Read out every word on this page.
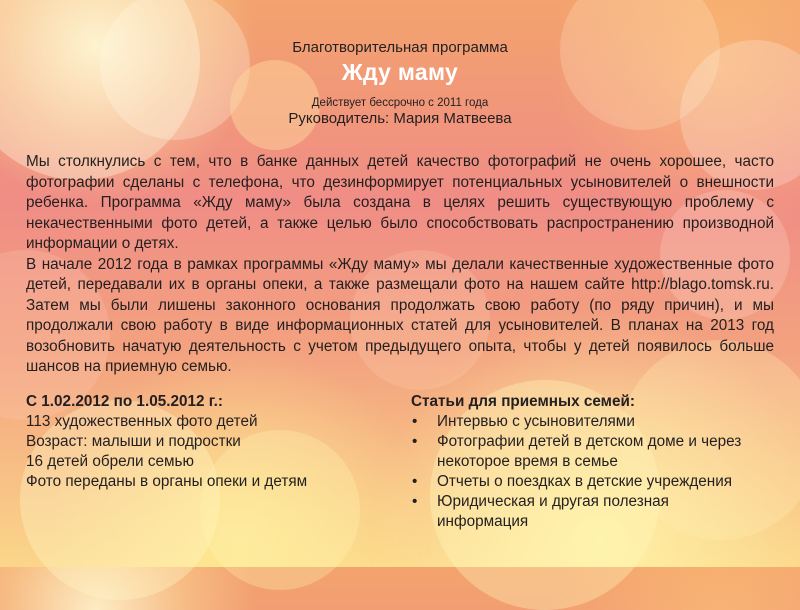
Благотворительная программа
Жду маму
Действует бессрочно с 2011 года
Руководитель: Мария Матвеева

Мы столкнулись с тем, что в банке данных детей качество фотографий не очень хорошее, часто фотографии сделаны с телефона, что дезинформирует потенциальных усыновителей о внешности ребенка. Программа «Жду маму» была создана в целях решить существующую проблему с некачественными фото детей, а также целью было способствовать распространению производной информации о детях.

В начале 2012 года в рамках программы «Жду маму» мы делали качественные художественные фото детей, передавали их в органы опеки, а также размещали фото на нашем сайте http://blago.tomsk.ru. Затем мы были лишены законного основания продолжать свою работу (по ряду причин), и мы продолжали свою работу в виде информационных статей для усыновителей. В планах на 2013 год возобновить начатую деятельность с учетом предыдущего опыта, чтобы у детей появилось больше шансов на приемную семью.

С 1.02.2012 по 1.05.2012 г.:
113 художественных фото детей
Возраст: малыши и подростки
16 детей обрели семью
Фото переданы в органы опеки и детям
Статьи для приемных семей:
• Интервью с усыновителями
• Фотографии детей в детском доме и через некоторое время в семье
• Отчеты о поездках в детские учреждения
• Юридическая и другая полезная информация
